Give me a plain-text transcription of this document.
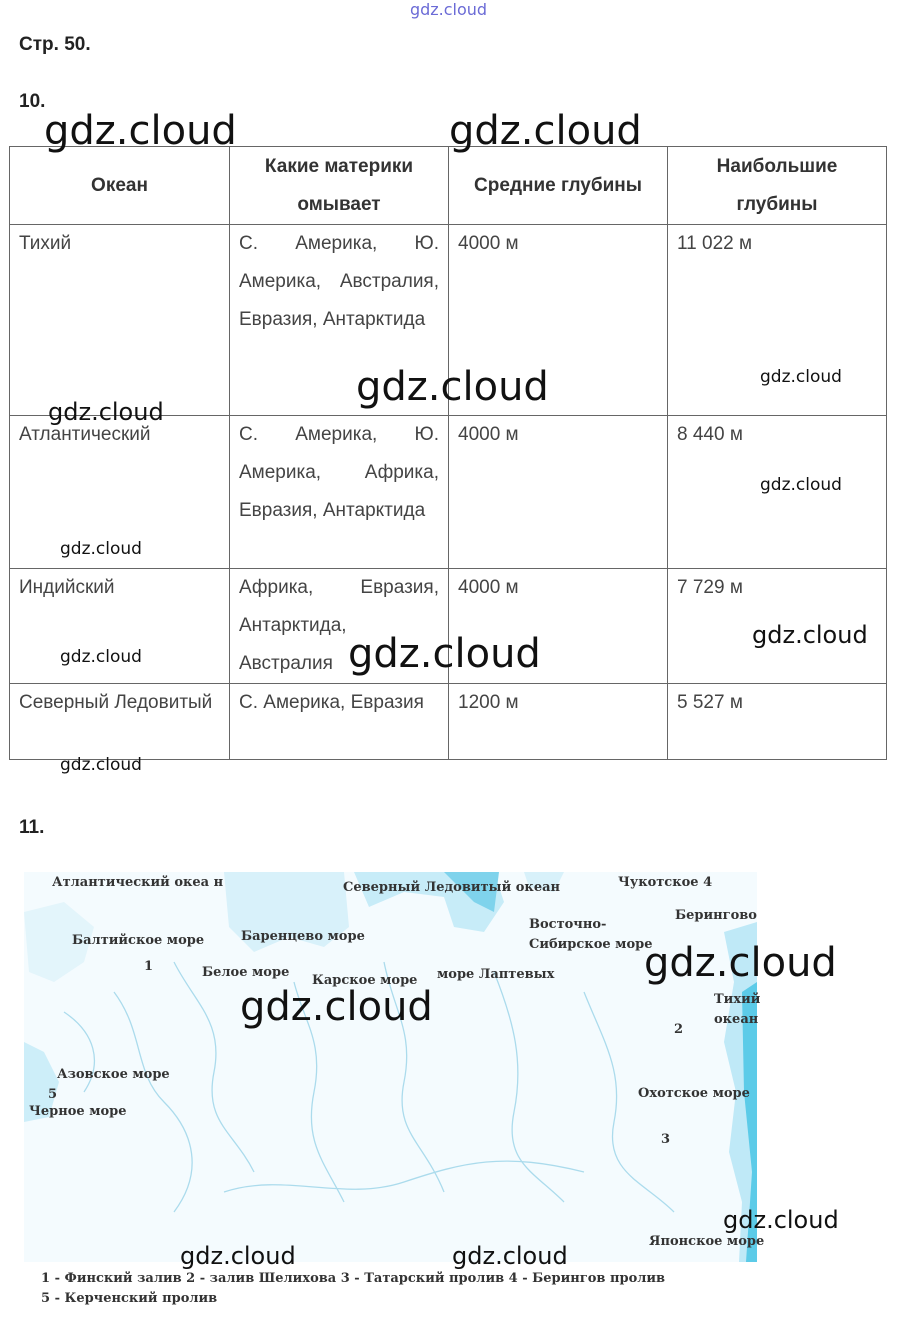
gdz.cloud
Стр. 50.
10.
Океан	Какие материки омывает	Средние глубины	Наибольшие глубины
Тихий	С. Америка, Ю. Америка, Австралия, Евразия, Антарктида	4000 м	11 022 м
Атлантический	С. Америка, Ю. Америка, Африка, Евразия, Антарктида	4000 м	8 440 м
Индийский	Африка, Евразия, Антарктида, Австралия	4000 м	7 729 м
Северный Ледовитый	С. Америка, Евразия	1200 м	5 527 м
11.
Атлантический океа н	Северный Ледовитый океан	Чукотское 4
Берингово
Балтийское море	Баренцево море
Восточно-
Сибирское море
1	Белое море
Карское море море Лаптевых
Тихий
океан
2
Азовское море
5
Черное море
Охотское море
3
Японское море
1 - Финский залив 2 - залив Шелихова 3 - Татарский пролив 4 - Берингов пролив
5 - Керченский пролив
gdz.cloud	gdz.cloud
gdz.cloud	gdz.cloud
gdz.cloud
gdz.cloud
gdz.cloud
gdz.cloud
gdz.cloud
gdz.cloud
gdz.cloud
gdz.cloud
gdz.cloud
gdz.cloud
gdz.cloud	gdz.cloud
